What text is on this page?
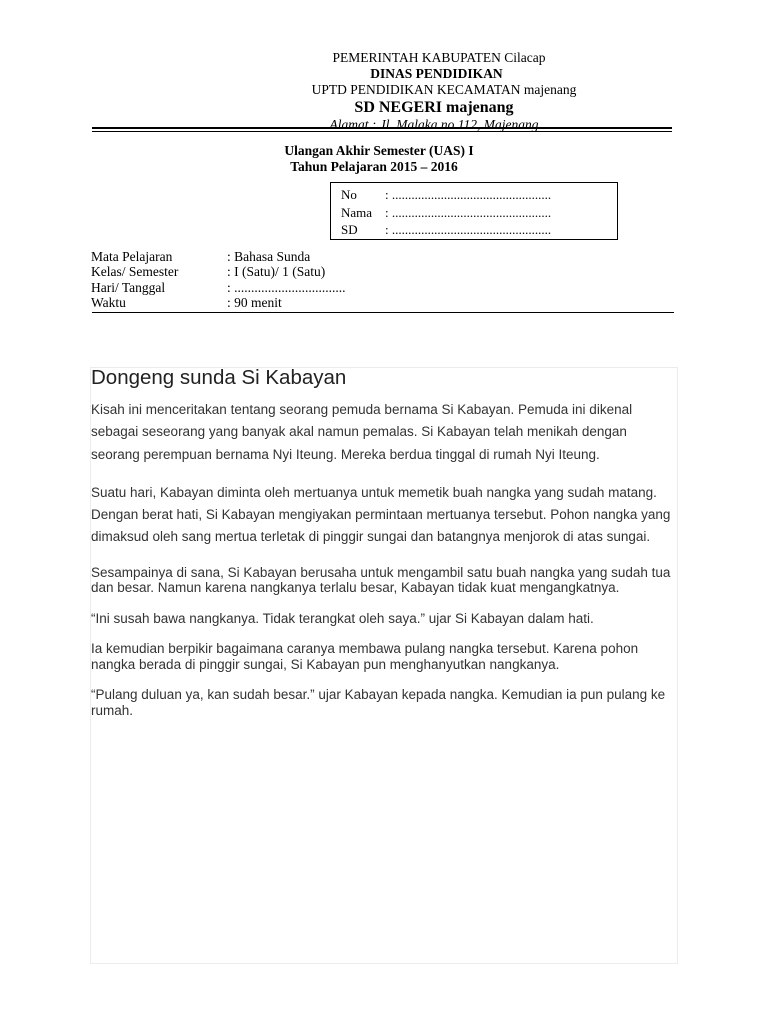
PEMERINTAH KABUPATEN Cilacap
DINAS PENDIDIKAN
UPTD PENDIDIKAN KECAMATAN majenang
SD NEGERI majenang
Alamat : Jl. Malaka no 112, Majenang
Ulangan Akhir Semester (UAS) I
Tahun Pelajaran 2015 – 2016
No	: .................................................
Nama : .................................................
SD	: .................................................
Mata Pelajaran	: Bahasa Sunda
Kelas/ Semester	: I (Satu)/ 1 (Satu)
Hari/ Tanggal	: .................................
Waktu	: 90 menit
Dongeng sunda Si Kabayan

Kisah ini menceritakan tentang seorang pemuda bernama Si Kabayan. Pemuda ini dikenal sebagai seseorang yang banyak akal namun pemalas. Si Kabayan telah menikah dengan seorang perempuan bernama Nyi Iteung. Mereka berdua tinggal di rumah Nyi Iteung.

Suatu hari, Kabayan diminta oleh mertuanya untuk memetik buah nangka yang sudah matang. Dengan berat hati, Si Kabayan mengiyakan permintaan mertuanya tersebut. Pohon nangka yang dimaksud oleh sang mertua terletak di pinggir sungai dan batangnya menjorok di atas sungai.

Sesampainya di sana, Si Kabayan berusaha untuk mengambil satu buah nangka yang sudah tua dan besar. Namun karena nangkanya terlalu besar, Kabayan tidak kuat mengangkatnya.

“Ini susah bawa nangkanya. Tidak terangkat oleh saya.” ujar Si Kabayan dalam hati.

Ia kemudian berpikir bagaimana caranya membawa pulang nangka tersebut. Karena pohon nangka berada di pinggir sungai, Si Kabayan pun menghanyutkan nangkanya.

“Pulang duluan ya, kan sudah besar.” ujar Kabayan kepada nangka. Kemudian ia pun pulang ke rumah.
